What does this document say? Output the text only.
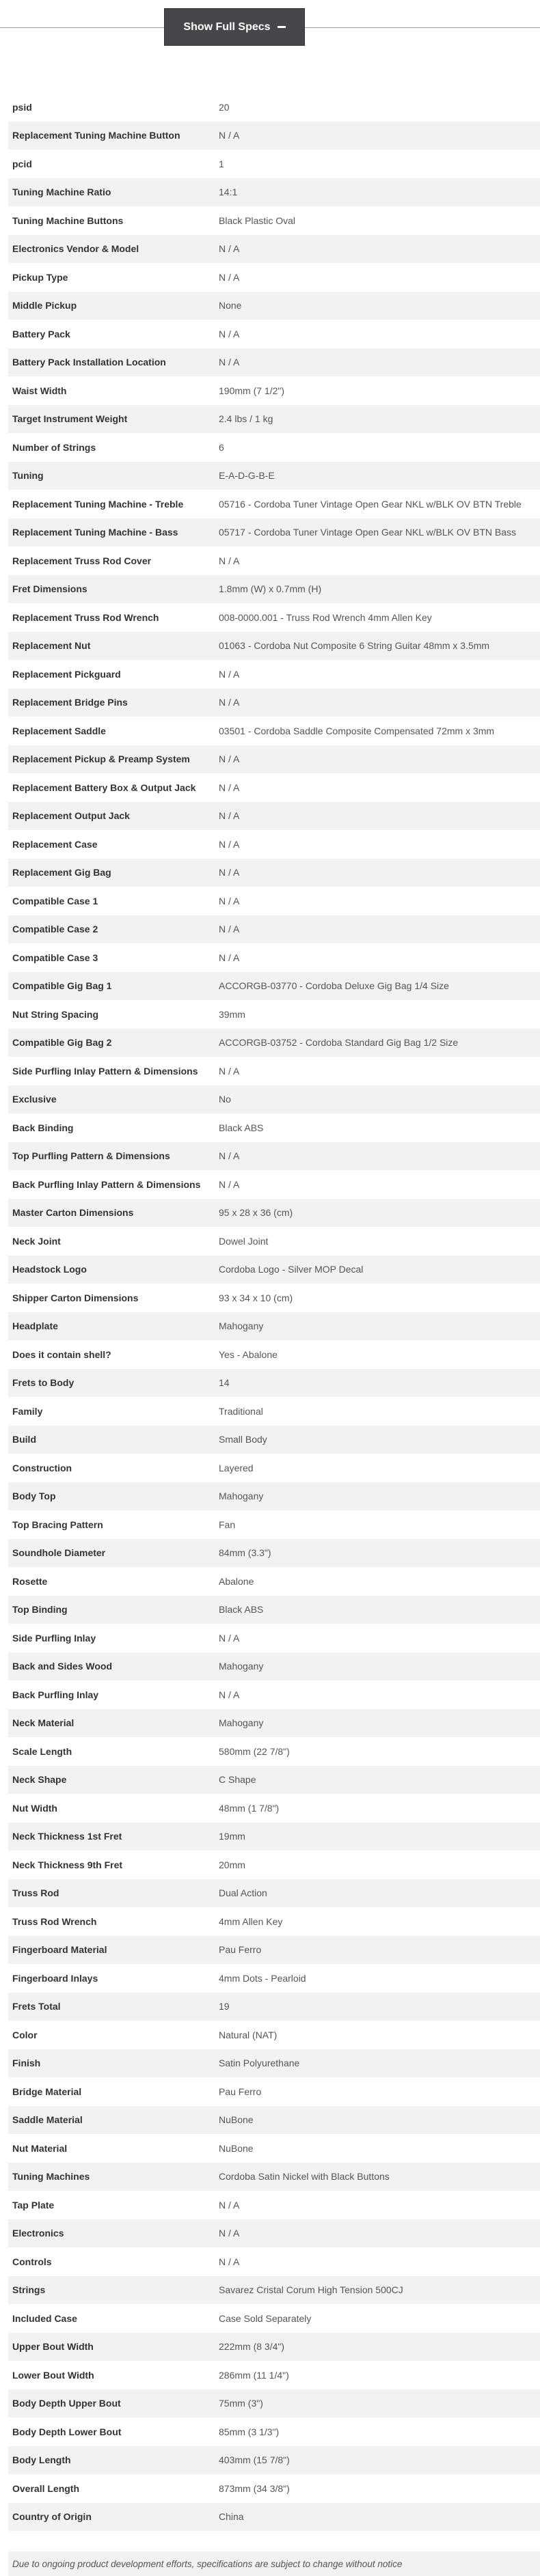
Show Full Specs
psid	20
Replacement Tuning Machine Button	N / A
pcid	1
Tuning Machine Ratio	14:1
Tuning Machine Buttons	Black Plastic Oval
Electronics Vendor & Model	N / A
Pickup Type	N / A
Middle Pickup	None
Battery Pack	N / A
Battery Pack Installation Location	N / A
Waist Width	190mm (7 1/2")
Target Instrument Weight	2.4 lbs / 1 kg
Number of Strings	6
Tuning	E-A-D-G-B-E
Replacement Tuning Machine - Treble	05716 - Cordoba Tuner Vintage Open Gear NKL w/BLK OV BTN Treble
Replacement Tuning Machine - Bass	05717 - Cordoba Tuner Vintage Open Gear NKL w/BLK OV BTN Bass
Replacement Truss Rod Cover	N / A
Fret Dimensions	1.8mm (W) x 0.7mm (H)
Replacement Truss Rod Wrench	008-0000.001 - Truss Rod Wrench 4mm Allen Key
Replacement Nut	01063 - Cordoba Nut Composite 6 String Guitar 48mm x 3.5mm
Replacement Pickguard	N / A
Replacement Bridge Pins	N / A
Replacement Saddle	03501 - Cordoba Saddle Composite Compensated 72mm x 3mm
Replacement Pickup & Preamp System	N / A
Replacement Battery Box & Output Jack	N / A
Replacement Output Jack	N / A
Replacement Case	N / A
Replacement Gig Bag	N / A
Compatible Case 1	N / A
Compatible Case 2	N / A
Compatible Case 3	N / A
Compatible Gig Bag 1	ACCORGB-03770 - Cordoba Deluxe Gig Bag 1/4 Size
Nut String Spacing	39mm
Compatible Gig Bag 2	ACCORGB-03752 - Cordoba Standard Gig Bag 1/2 Size
Side Purfling Inlay Pattern & Dimensions	N / A
Exclusive	No
Back Binding	Black ABS
Top Purfling Pattern & Dimensions	N / A
Back Purfling Inlay Pattern & Dimensions	N / A
Master Carton Dimensions	95 x 28 x 36 (cm)
Neck Joint	Dowel Joint
Headstock Logo	Cordoba Logo - Silver MOP Decal
Shipper Carton Dimensions	93 x 34 x 10 (cm)
Headplate	Mahogany
Does it contain shell?	Yes - Abalone
Frets to Body	14
Family	Traditional
Build	Small Body
Construction	Layered
Body Top	Mahogany
Top Bracing Pattern	Fan
Soundhole Diameter	84mm (3.3")
Rosette	Abalone
Top Binding	Black ABS
Side Purfling Inlay	N / A
Back and Sides Wood	Mahogany
Back Purfling Inlay	N / A
Neck Material	Mahogany
Scale Length	580mm (22 7/8")
Neck Shape	C Shape
Nut Width	48mm (1 7/8")
Neck Thickness 1st Fret	19mm
Neck Thickness 9th Fret	20mm
Truss Rod	Dual Action
Truss Rod Wrench	4mm Allen Key
Fingerboard Material	Pau Ferro
Fingerboard Inlays	4mm Dots - Pearloid
Frets Total	19
Color	Natural (NAT)
Finish	Satin Polyurethane
Bridge Material	Pau Ferro
Saddle Material	NuBone
Nut Material	NuBone
Tuning Machines	Cordoba Satin Nickel with Black Buttons
Tap Plate	N / A
Electronics	N / A
Controls	N / A
Strings	Savarez Cristal Corum High Tension 500CJ
Included Case	Case Sold Separately
Upper Bout Width	222mm (8 3/4")
Lower Bout Width	286mm (11 1/4")
Body Depth Upper Bout	75mm (3")
Body Depth Lower Bout	85mm (3 1/3")
Body Length	403mm (15 7/8")
Overall Length	873mm (34 3/8")
Country of Origin	China
Due to ongoing product development efforts, specifications are subject to change without notice
